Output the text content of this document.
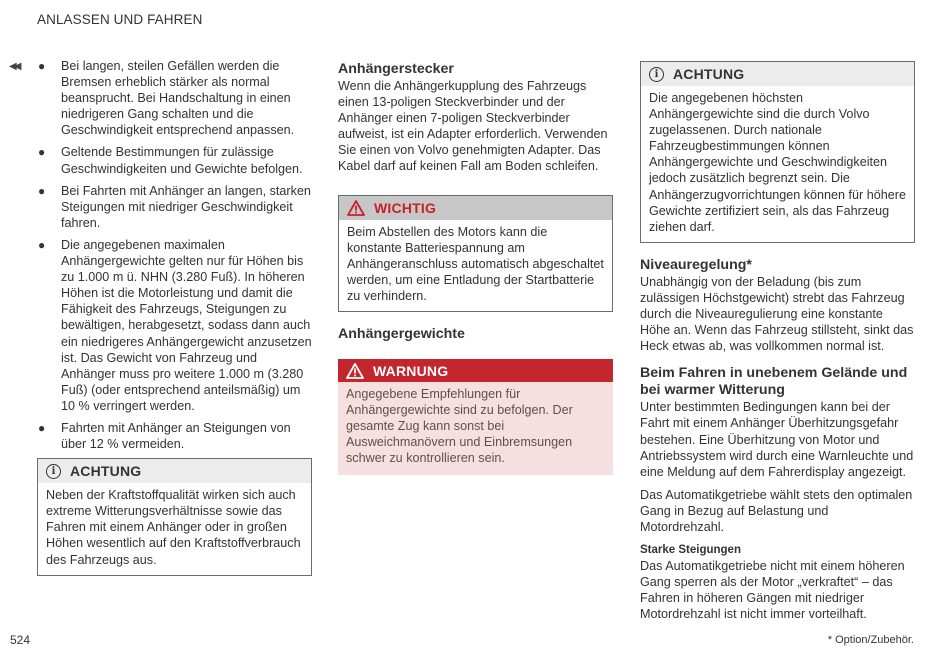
ANLASSEN UND FAHREN
◀◀ ● Bei langen, steilen Gefällen werden die Bremsen erheblich stärker als normal beansprucht. Bei Handschaltung in einen niedrigeren Gang schalten und die Geschwindigkeit entsprechend anpassen.
● Geltende Bestimmungen für zulässige Geschwindigkeiten und Gewichte befolgen.
● Bei Fahrten mit Anhänger an langen, starken Steigungen mit niedriger Geschwindigkeit fahren.
● Die angegebenen maximalen Anhängergewichte gelten nur für Höhen bis zu 1.000 m ü. NHN (3.280 Fuß). In höheren Höhen ist die Motorleistung und damit die Fähigkeit des Fahrzeugs, Steigungen zu bewältigen, herabgesetzt, sodass dann auch ein niedrigeres Anhängergewicht anzusetzen ist. Das Gewicht von Fahrzeug und Anhänger muss pro weitere 1.000 m (3.280 Fuß) (oder entsprechend anteilsmäßig) um 10 % verringert werden.
● Fahrten mit Anhänger an Steigungen von über 12 % vermeiden.
i	ACHTUNG

Neben der Kraftstoffqualität wirken sich auch extreme Witterungsverhältnisse sowie das Fahren mit einem Anhänger oder in großen Höhen wesentlich auf den Kraftstoffverbrauch des Fahrzeugs aus.

Anhängerstecker

Wenn die Anhängerkupplung des Fahrzeugs einen 13-poligen Steckverbinder und der Anhänger einen 7-poligen Steckverbinder aufweist, ist ein Adapter erforderlich. Verwenden Sie einen von Volvo genehmigten Adapter. Das Kabel darf auf keinen Fall am Boden schleifen.

WICHTIG

Beim Abstellen des Motors kann die konstante Batteriespannung am Anhängeranschluss automatisch abgeschaltet werden, um eine Entladung der Startbatterie zu verhindern.

Anhängergewichte
WARNUNG

Angegebene Empfehlungen für Anhängergewichte sind zu befolgen. Der gesamte Zug kann sonst bei Ausweichmanövern und Einbremsungen schwer zu kontrollieren sein.

i	ACHTUNG

Die angegebenen höchsten Anhängergewichte sind die durch Volvo zugelassenen. Durch nationale Fahrzeugbestimmungen können Anhängergewichte und Geschwindigkeiten jedoch zusätzlich begrenzt sein. Die Anhängerzugvorrichtungen können für höhere Gewichte zertifiziert sein, als das Fahrzeug ziehen darf.

Niveauregelung*

Unabhängig von der Beladung (bis zum zulässigen Höchstgewicht) strebt das Fahrzeug durch die Niveauregulierung eine konstante Höhe an. Wenn das Fahrzeug stillsteht, sinkt das Heck etwas ab, was vollkommen normal ist.

Beim Fahren in unebenem Gelände und bei warmer Witterung

Unter bestimmten Bedingungen kann bei der Fahrt mit einem Anhänger Überhitzungsgefahr bestehen. Eine Überhitzung von Motor und Antriebssystem wird durch eine Warnleuchte und eine Meldung auf dem Fahrerdisplay angezeigt.

Das Automatikgetriebe wählt stets den optimalen Gang in Bezug auf Belastung und Motordrehzahl.

Starke Steigungen

Das Automatikgetriebe nicht mit einem höheren Gang sperren als der Motor „verkraftet“ – das Fahren in höheren Gängen mit niedriger Motordrehzahl ist nicht immer vorteilhaft.

524	* Option/Zubehör.
